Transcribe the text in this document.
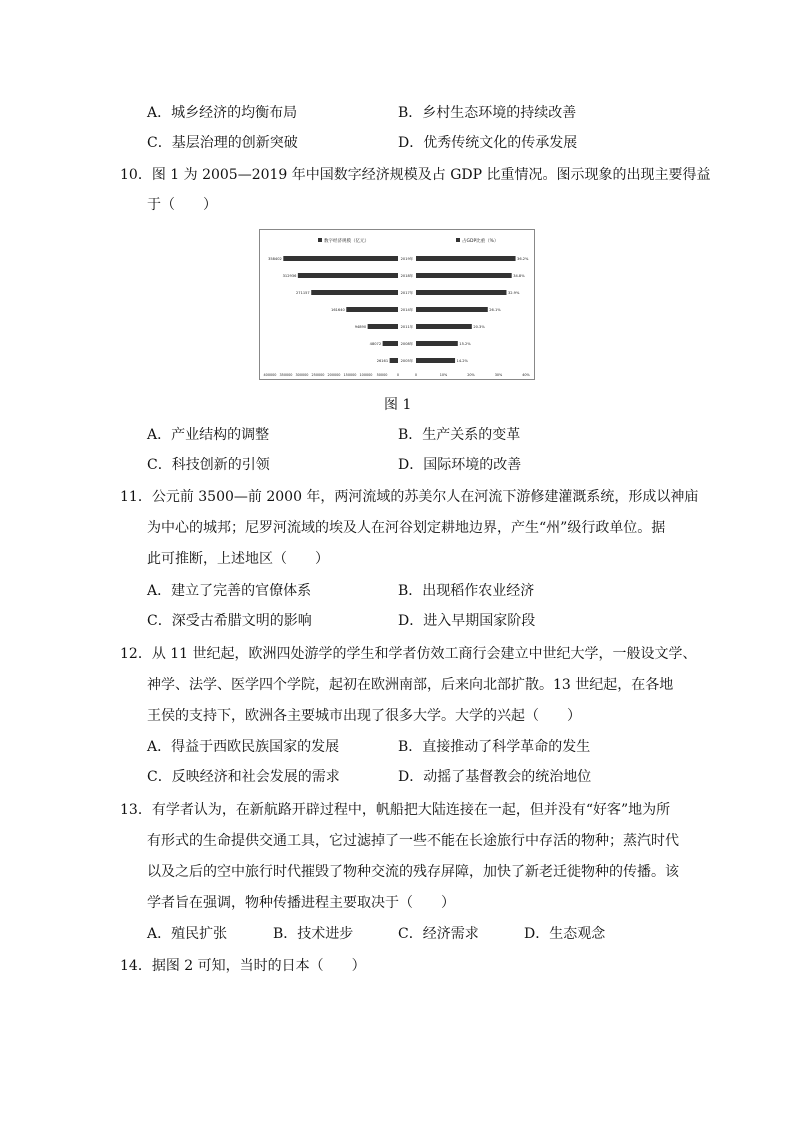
A．城乡经济的均衡布局	B．乡村生态环境的持续改善
C．基层治理的创新突破	D．优秀传统文化的传承发展
10．图 1 为 2005—2019 年中国数字经济规模及占 GDP 比重情况。图示现象的出现主要得益
于（　　）
数字经济规模（亿元）	占GDP比重（%）
2019年
358402	36.2%
2018年
312936	34.8%
2017年
271157	32.9%
2014年
161640	26.1%
2011年
94890	20.3%
2008年
48072	15.2%
2005年
26161	14.2%
400000 350000 300000 250000 200000 150000 100000 50000	0	0	10%	20%	30%	40%
图 1
A．产业结构的调整	B．生产关系的变革
C．科技创新的引领	D．国际环境的改善
11．公元前 3500—前 2000 年，两河流域的苏美尔人在河流下游修建灌溉系统，形成以神庙
为中心的城邦；尼罗河流域的埃及人在河谷划定耕地边界，产生“州”级行政单位。据
此可推断，上述地区（　　）
A．建立了完善的官僚体系	B．出现稻作农业经济
C．深受古希腊文明的影响	D．进入早期国家阶段
12．从 11 世纪起，欧洲四处游学的学生和学者仿效工商行会建立中世纪大学，一般设文学、
神学、法学、医学四个学院，起初在欧洲南部，后来向北部扩散。13 世纪起，在各地
王侯的支持下，欧洲各主要城市出现了很多大学。大学的兴起（　　）
A．得益于西欧民族国家的发展	B．直接推动了科学革命的发生
C．反映经济和社会发展的需求	D．动摇了基督教会的统治地位
13．有学者认为，在新航路开辟过程中，帆船把大陆连接在一起，但并没有“好客”地为所
有形式的生命提供交通工具，它过滤掉了一些不能在长途旅行中存活的物种；蒸汽时代
以及之后的空中旅行时代摧毁了物种交流的残存屏障，加快了新老迁徙物种的传播。该
学者旨在强调，物种传播进程主要取决于（　　）
A．殖民扩张	B．技术进步	C．经济需求	D．生态观念
14．据图 2 可知，当时的日本（　　）
